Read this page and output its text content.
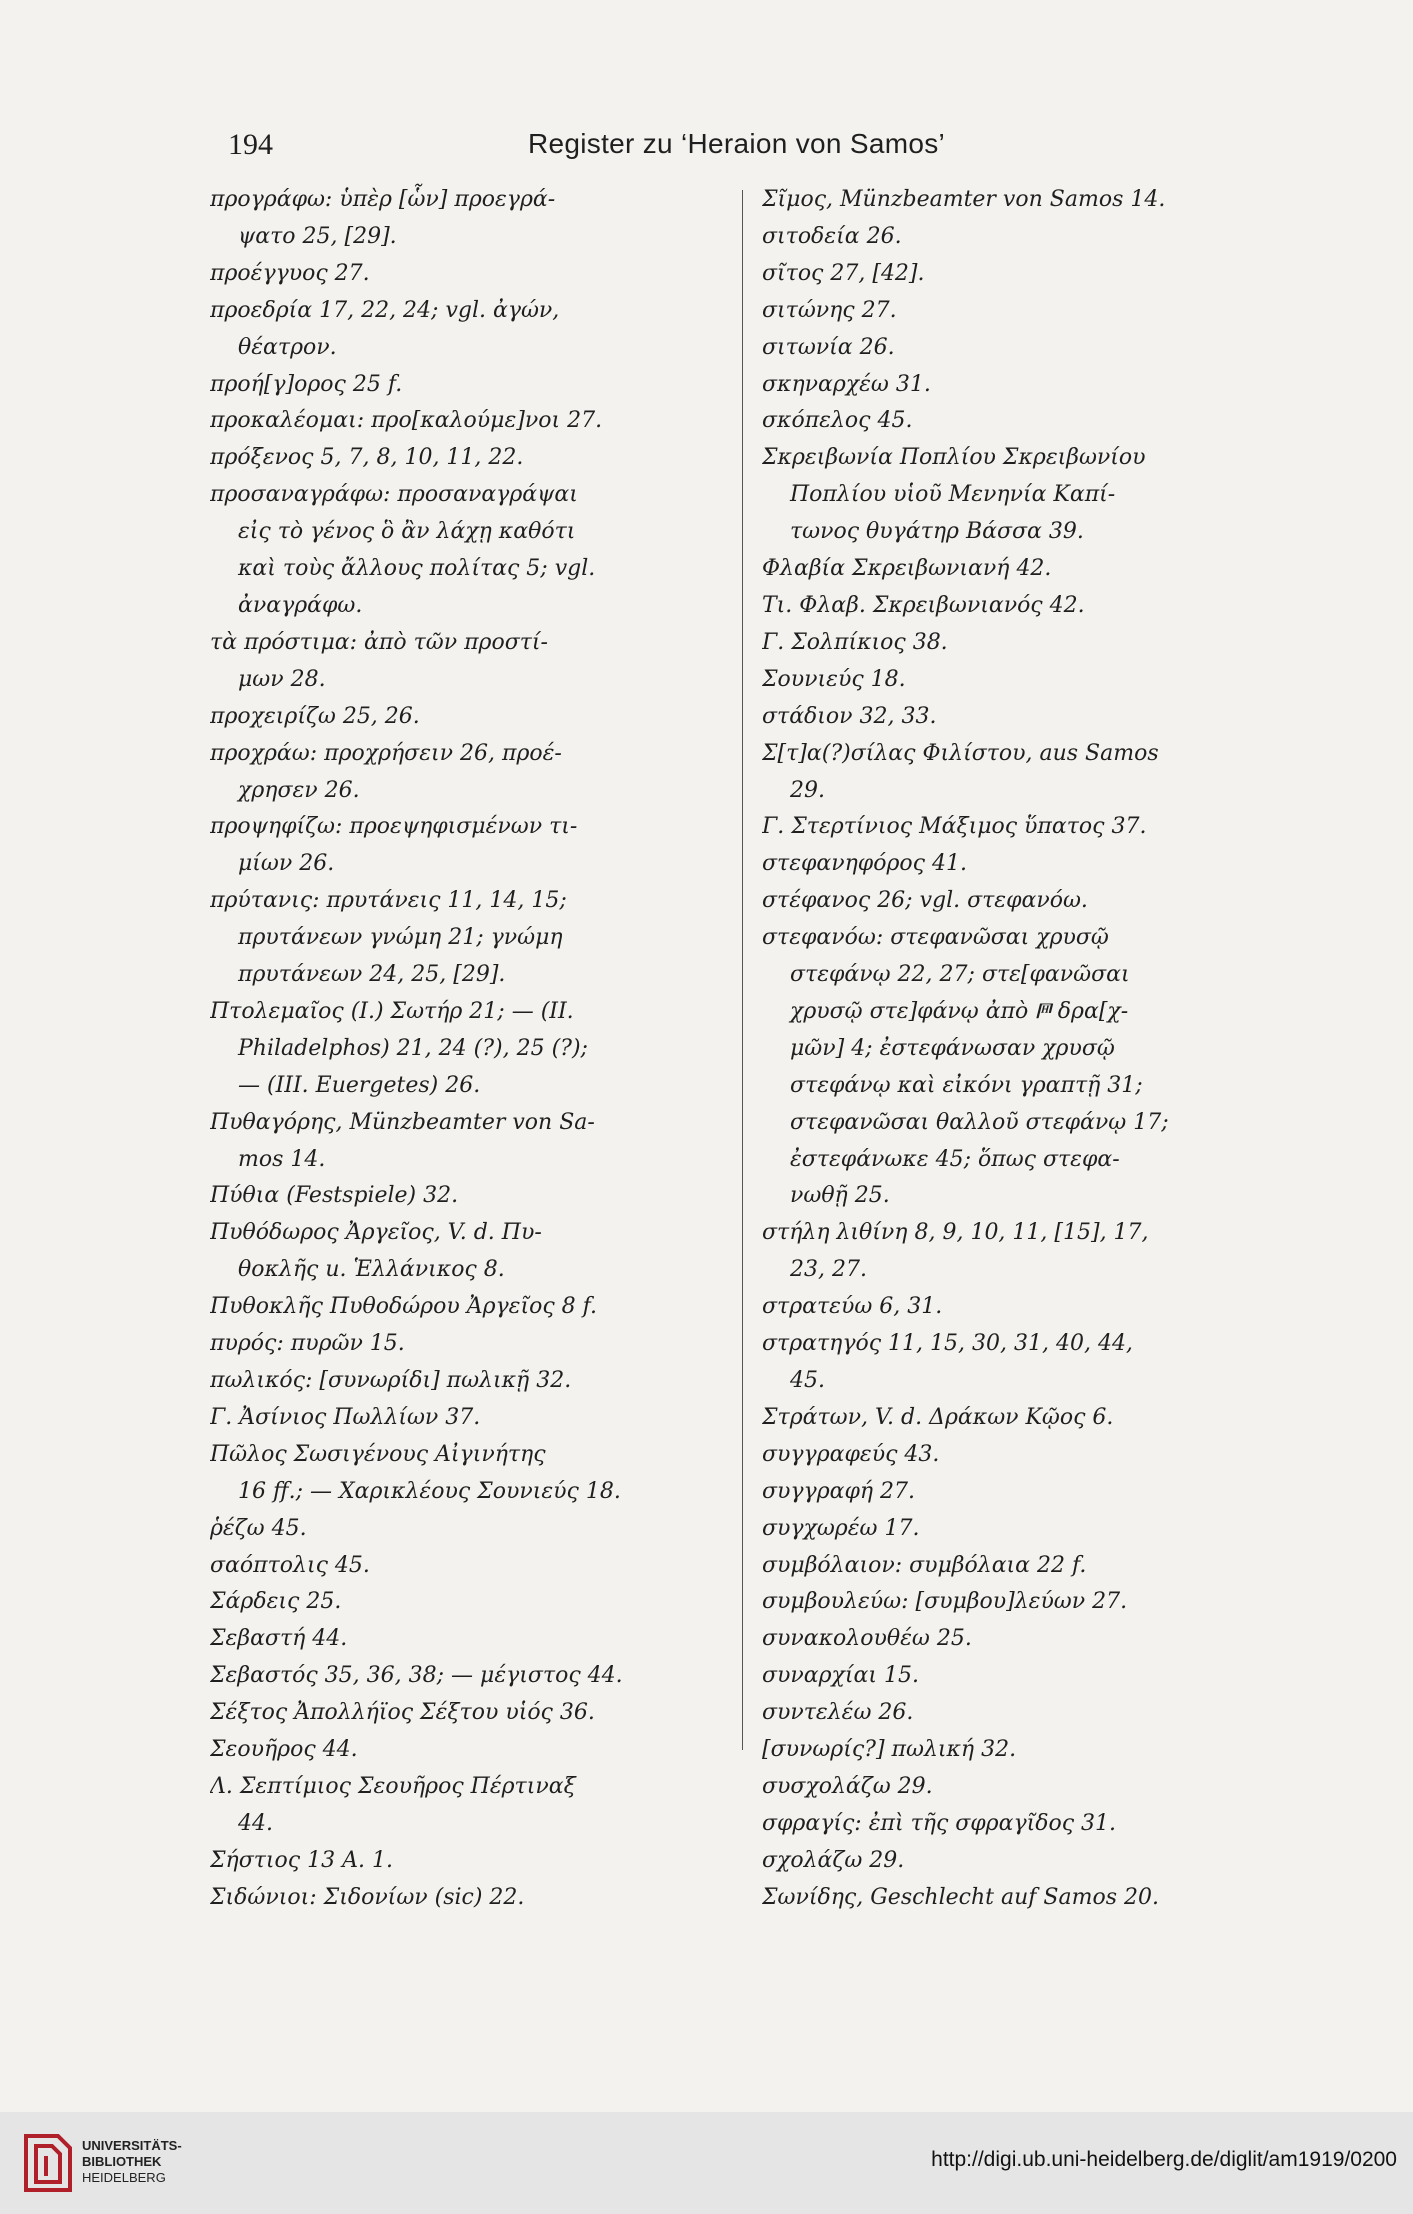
194	Register zu ‘Heraion von Samos’
προγράφω: ὑπὲρ [ὧν] προεγρά-
ψατο 25, [29].
προέγγυος 27.
προεδρία 17, 22, 24; vgl. ἀγών,
θέατρον.
προή[γ]ορος 25 f.
προκαλέομαι: προ[καλούμε]νοι 27.
πρόξενος 5, 7, 8, 10, 11, 22.
προσαναγράφω: προσαναγράψαι
εἰς τὸ γένος ὃ ἂν λάχῃ καθότι
καὶ τοὺς ἄλλους πολίτας 5; vgl.
ἀναγράφω.
τὰ πρόστιμα: ἀπὸ τῶν προστί-
μων 28.
προχειρίζω 25, 26.
προχράω: προχρήσειν 26, προέ-
χρησεν 26.
προψηφίζω: προεψηφισμένων τι-
μίων 26.
πρύτανις: πρυτάνεις 11, 14, 15;
πρυτάνεων γνώμη 21; γνώμη
πρυτάνεων 24, 25, [29].
Πτολεμαῖος (I.) Σωτήρ 21; — (II.
Philadelphos) 21, 24 (?), 25 (?);
— (III. Euergetes) 26.
Πυθαγόρης, Münzbeamter von Sa-
mos 14.
Πύθια (Festspiele) 32.
Πυθόδωρος Ἀργεῖος, V. d. Πυ-
θοκλῆς u. Ἑλλάνικος 8.
Πυθοκλῆς Πυθοδώρου Ἀργεῖος 8 f.
πυρός: πυρῶν 15.
πωλικός: [συνωρίδι] πωλικῇ 32.
Γ. Ἀσίνιος Πωλλίων 37.
Πῶλος Σωσιγένους Αἰγινήτης
16 ff.; — Χαρικλέους Σουνιεύς 18.
ῥέζω 45.
σαόπτολις 45.
Σάρδεις 25.
Σεβαστή 44.
Σεβαστός 35, 36, 38; — μέγιστος 44.
Σέξτος Ἀπολλήϊος Σέξτου υἱός 36.
Σεουῆρος 44.
Λ. Σεπτίμιος Σεουῆρος Πέρτιναξ
44.
Σήστιος 13 A. 1.
Σιδώνιοι: Σιδονίων (sic) 22.
Σῖμος, Münzbeamter von Samos 14.
σιτοδεία 26.
σῖτος 27, [42].
σιτώνης 27.
σιτωνία 26.
σκηναρχέω 31.
σκόπελος 45.
Σκρειβωνία Ποπλίου Σκρειβωνίου
Ποπλίου υἱοῦ Μενηνία Καπί-
τωνος θυγάτηρ Βάσσα 39.
Φλαβία Σκρειβωνιανή 42.
Τι. Φλαβ. Σκρειβωνιανός 42.
Γ. Σολπίκιος 38.
Σουνιεύς 18.
στάδιον 32, 33.
Σ[τ]α(?)σίλας Φιλίστου, aus Samos
29.
Γ. Στερτίνιος Μάξιμος ὕπατος 37.
στεφανηφόρος 41.
στέφανος 26; vgl. στεφανόω.
στεφανόω: στεφανῶσαι χρυσῷ
στεφάνῳ 22, 27; στε[φανῶσαι
χρυσῷ στε]φάνῳ ἀπὸ 𐅅 δρα[χ-
μῶν] 4; ἐστεφάνωσαν χρυσῷ
στεφάνῳ καὶ εἰκόνι γραπτῇ 31;
στεφανῶσαι θαλλοῦ στεφάνῳ 17;
ἐστεφάνωκε 45; ὅπως στεφα-
νωθῇ 25.
στήλη λιθίνη 8, 9, 10, 11, [15], 17,
23, 27.
στρατεύω 6, 31.
στρατηγός 11, 15, 30, 31, 40, 44,
45.
Στράτων, V. d. Δράκων Κῷος 6.
συγγραφεύς 43.
συγγραφή 27.
συγχωρέω 17.
συμβόλαιον: συμβόλαια 22 f.
συμβουλεύω: [συμβου]λεύων 27.
συνακολουθέω 25.
συναρχίαι 15.
συντελέω 26.
[συνωρίς?] πωλική 32.
συσχολάζω 29.
σφραγίς: ἐπὶ τῆς σφραγῖδος 31.
σχολάζω 29.
Σωνίδης, Geschlecht auf Samos 20.
UNIVERSITÄTS-
BIBLIOTHEK
HEIDELBERG
http://digi.ub.uni-heidelberg.de/diglit/am1919/0200
